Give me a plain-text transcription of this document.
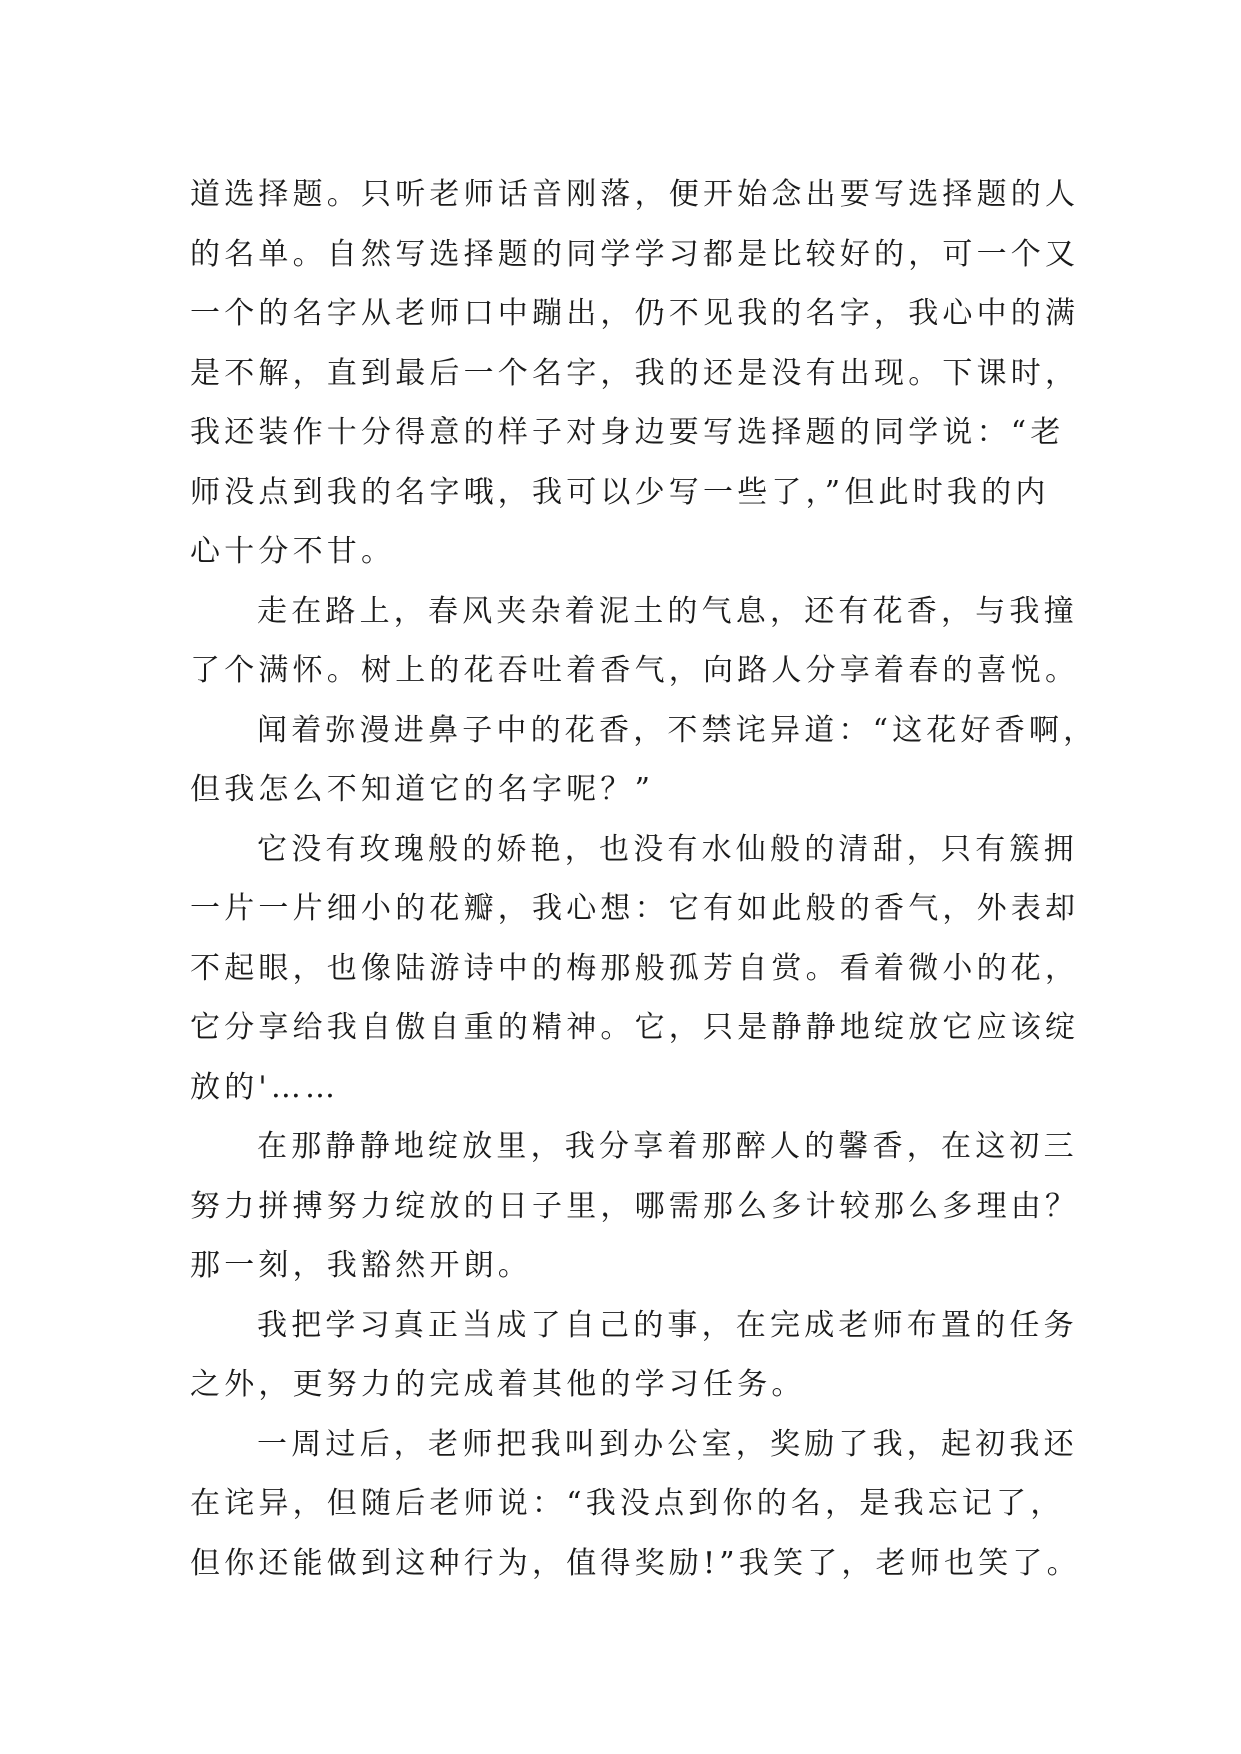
道选择题。只听老师话音刚落，便开始念出要写选择题的人
的名单。自然写选择题的同学学习都是比较好的，可一个又
一个的名字从老师口中蹦出，仍不见我的名字，我心中的满
是不解，直到最后一个名字，我的还是没有出现。下课时，
我还装作十分得意的样子对身边要写选择题的同学说：“老
师没点到我的名字哦，我可以少写一些了，”但此时我的内
心十分不甘。
走在路上，春风夹杂着泥土的气息，还有花香，与我撞
了个满怀。树上的花吞吐着香气，向路人分享着春的喜悦。
闻着弥漫进鼻子中的花香，不禁诧异道：“这花好香啊，
但我怎么不知道它的名字呢？”
它没有玫瑰般的娇艳，也没有水仙般的清甜，只有簇拥
一片一片细小的花瓣，我心想：它有如此般的香气，外表却
不起眼，也像陆游诗中的梅那般孤芳自赏。看着微小的花，
它分享给我自傲自重的精神。它，只是静静地绽放它应该绽
放的'……
在那静静地绽放里，我分享着那醉人的馨香，在这初三
努力拼搏努力绽放的日子里，哪需那么多计较那么多理由？
那一刻，我豁然开朗。
我把学习真正当成了自己的事，在完成老师布置的任务
之外，更努力的完成着其他的学习任务。
一周过后，老师把我叫到办公室，奖励了我，起初我还
在诧异，但随后老师说：“我没点到你的名，是我忘记了，
但你还能做到这种行为，值得奖励!”我笑了，老师也笑了。
